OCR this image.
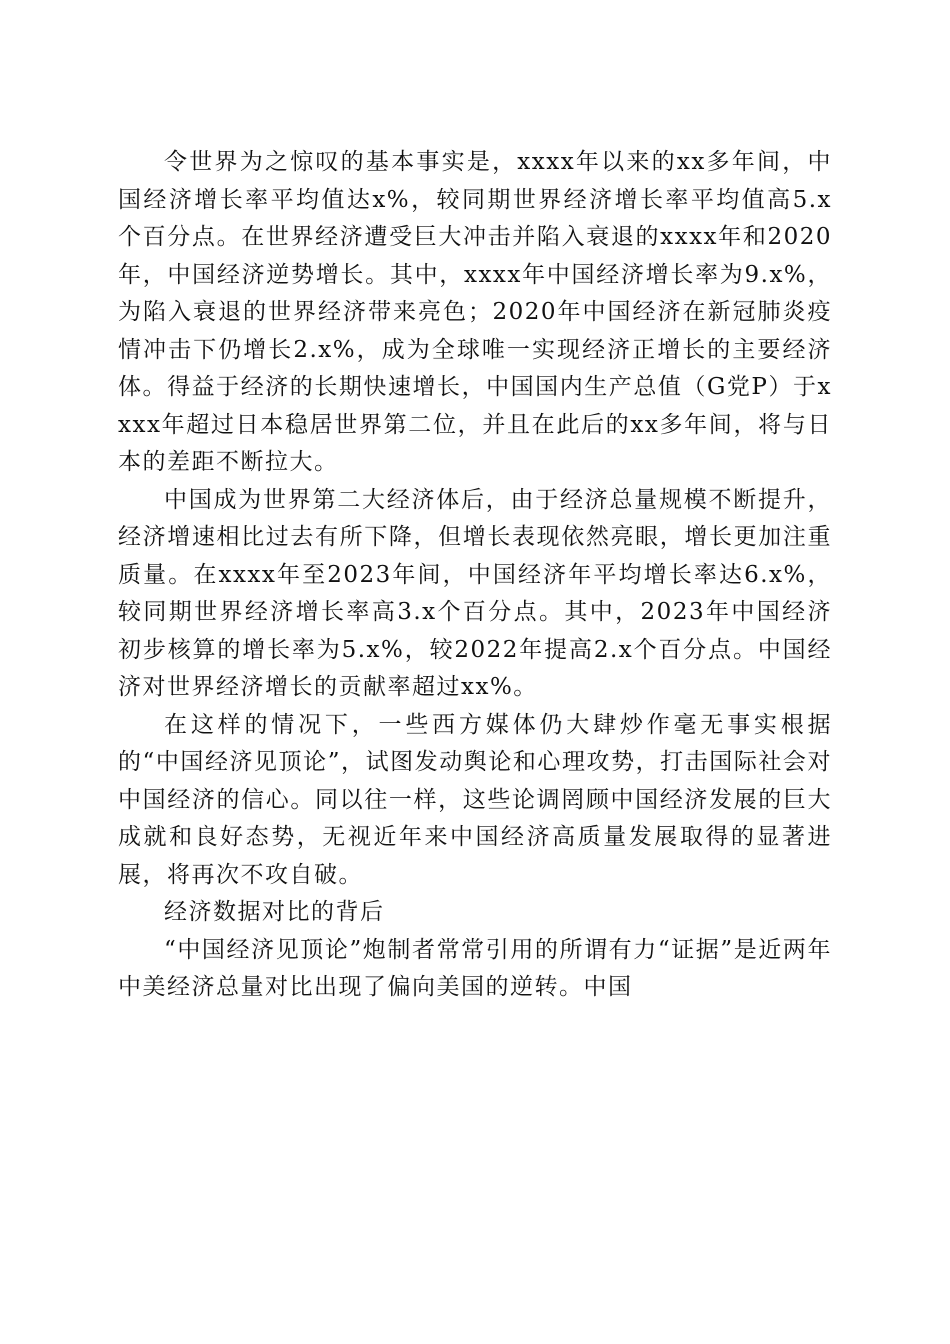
令世界为之惊叹的基本事实是，xxxx年以来的xx多年间，中国经济增长率平均值达x%，较同期世界经济增长率平均值高5.x个百分点。在世界经济遭受巨大冲击并陷入衰退的xxxx年和2020年，中国经济逆势增长。其中，xxxx年中国经济增长率为9.x%，为陷入衰退的世界经济带来亮色；2020年中国经济在新冠肺炎疫情冲击下仍增长2.x%，成为全球唯一实现经济正增长的主要经济体。得益于经济的长期快速增长，中国国内生产总值（G党P）于xxxx年超过日本稳居世界第二位，并且在此后的xx多年间，将与日本的差距不断拉大。

中国成为世界第二大经济体后，由于经济总量规模不断提升，经济增速相比过去有所下降，但增长表现依然亮眼，增长更加注重质量。在xxxx年至2023年间，中国经济年平均增长率达6.x%，较同期世界经济增长率高3.x个百分点。其中，2023年中国经济初步核算的增长率为5.x%，较2022年提高2.x个百分点。中国经济对世界经济增长的贡献率超过xx%。

在这样的情况下，一些西方媒体仍大肆炒作毫无事实根据的“中国经济见顶论”，试图发动舆论和心理攻势，打击国际社会对中国经济的信心。同以往一样，这些论调罔顾中国经济发展的巨大成就和良好态势，无视近年来中国经济高质量发展取得的显著进展，将再次不攻自破。

经济数据对比的背后

“中国经济见顶论”炮制者常常引用的所谓有力“证据”是近两年中美经济总量对比出现了偏向美国的逆转。中国
